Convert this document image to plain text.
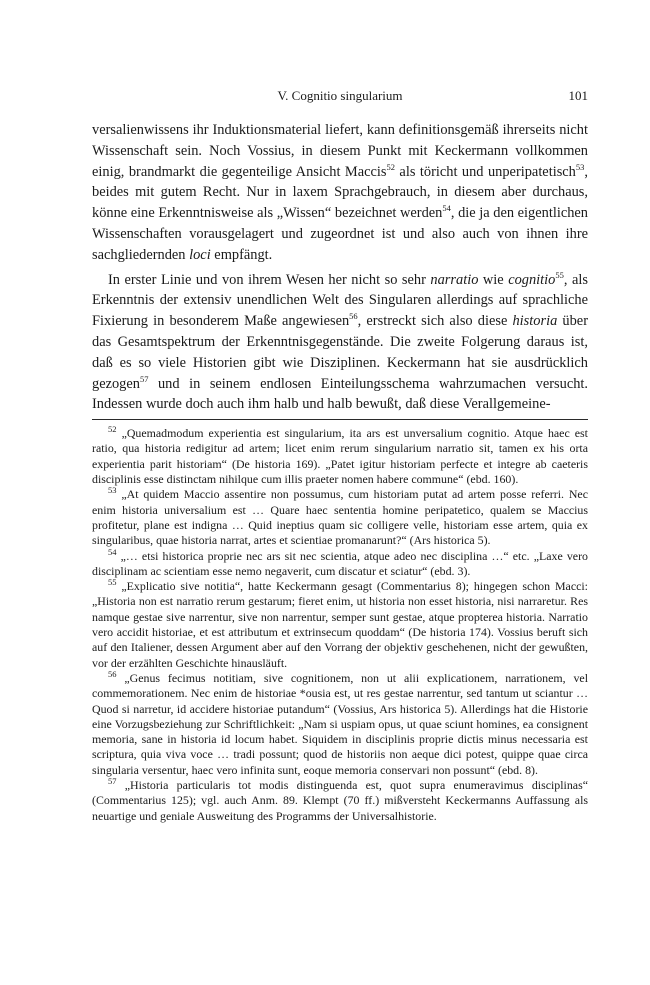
V. Cognitio singularium	101

versalienwissens ihr Induktionsmaterial liefert, kann definitionsgemäß ihrerseits nicht Wissenschaft sein. Noch Vossius, in diesem Punkt mit Keckermann vollkommen einig, brandmarkt die gegenteilige Ansicht Maccis$^{52}$ als töricht und unperipatetisch$^{53}$, beides mit gutem Recht. Nur in laxem Sprachgebrauch, in diesem aber durchaus, könne eine Erkenntnisweise als „Wissen“ bezeichnet werden$^{54}$, die ja den eigentlichen Wissenschaften vorausgelagert und zugeordnet ist und also auch von ihnen ihre sachgliedernden loci empfängt.

In erster Linie und von ihrem Wesen her nicht so sehr narratio wie cognitio$^{55}$, als Erkenntnis der extensiv unendlichen Welt des Singularen allerdings auf sprachliche Fixierung in besonderem Maße angewiesen$^{56}$, erstreckt sich also diese historia über das Gesamtspektrum der Erkenntnisgegenstände. Die zweite Folgerung daraus ist, daß es so viele Historien gibt wie Disziplinen. Keckermann hat sie ausdrücklich gezogen$^{57}$ und in seinem endlosen Einteilungsschema wahrzumachen versucht. Indessen wurde doch auch ihm halb und halb bewußt, daß diese Verallgemeine-

$^{52}$ „Quemadmodum experientia est singularium, ita ars est unversalium cognitio. Atque haec est ratio, qua historia redigitur ad artem; licet enim rerum singularium narratio sit, tamen ex his orta experientia parit historiam“ (De historia 169). „Patet igitur historiam perfecte et integre ab caeteris disciplinis esse distinctam nihilque cum illis praeter nomen habere commune“ (ebd. 160).

$^{53}$ „At quidem Maccio assentire non possumus, cum historiam putat ad artem posse referri. Nec enim historia universalium est … Quare haec sententia homine peripatetico, qualem se Maccius profitetur, plane est indigna … Quid ineptius quam sic colligere velle, historiam esse artem, quia ex singularibus, quae historia narrat, artes et scientiae promanarunt?“ (Ars historica 5).

$^{54}$ „… etsi historica proprie nec ars sit nec scientia, atque adeo nec disciplina …“ etc. „Laxe vero disciplinam ac scientiam esse nemo negaverit, cum discatur et sciatur“ (ebd. 3).

$^{55}$ „Explicatio sive notitia“, hatte Keckermann gesagt (Commentarius 8); hingegen schon Macci: „Historia non est narratio rerum gestarum; fieret enim, ut historia non esset historia, nisi narraretur. Res namque gestae sive narrentur, sive non narrentur, semper sunt gestae, atque propterea historia. Narratio vero accidit historiae, et est attributum et extrinsecum quoddam“ (De historia 174). Vossius beruft sich auf den Italiener, dessen Argument aber auf den Vorrang der objektiv geschehenen, nicht der gewußten, vor der erzählten Geschichte hinausläuft.

$^{56}$ „Genus fecimus notitiam, sive cognitionem, non ut alii explicationem, narrationem, vel commemorationem. Nec enim de historiae *ousia est, ut res gestae narrentur, sed tantum ut sciantur … Quod si narretur, id accidere historiae putandum“ (Vossius, Ars historica 5). Allerdings hat die Historie eine Vorzugsbeziehung zur Schriftlichkeit: „Nam si uspiam opus, ut quae sciunt homines, ea consignent memoria, sane in historia id locum habet. Siquidem in disciplinis proprie dictis minus necessaria est scriptura, quia viva voce … tradi possunt; quod de historiis non aeque dici potest, quippe quae circa singularia versentur, haec vero infinita sunt, eoque memoria conservari non possunt“ (ebd. 8).

$^{57}$ „Historia particularis tot modis distinguenda est, quot supra enumeravimus disciplinas“ (Commentarius 125); vgl. auch Anm. 89. Klempt (70 ff.) mißversteht Keckermanns Auffassung als neuartige und geniale Ausweitung des Programms der Universalhistorie.
